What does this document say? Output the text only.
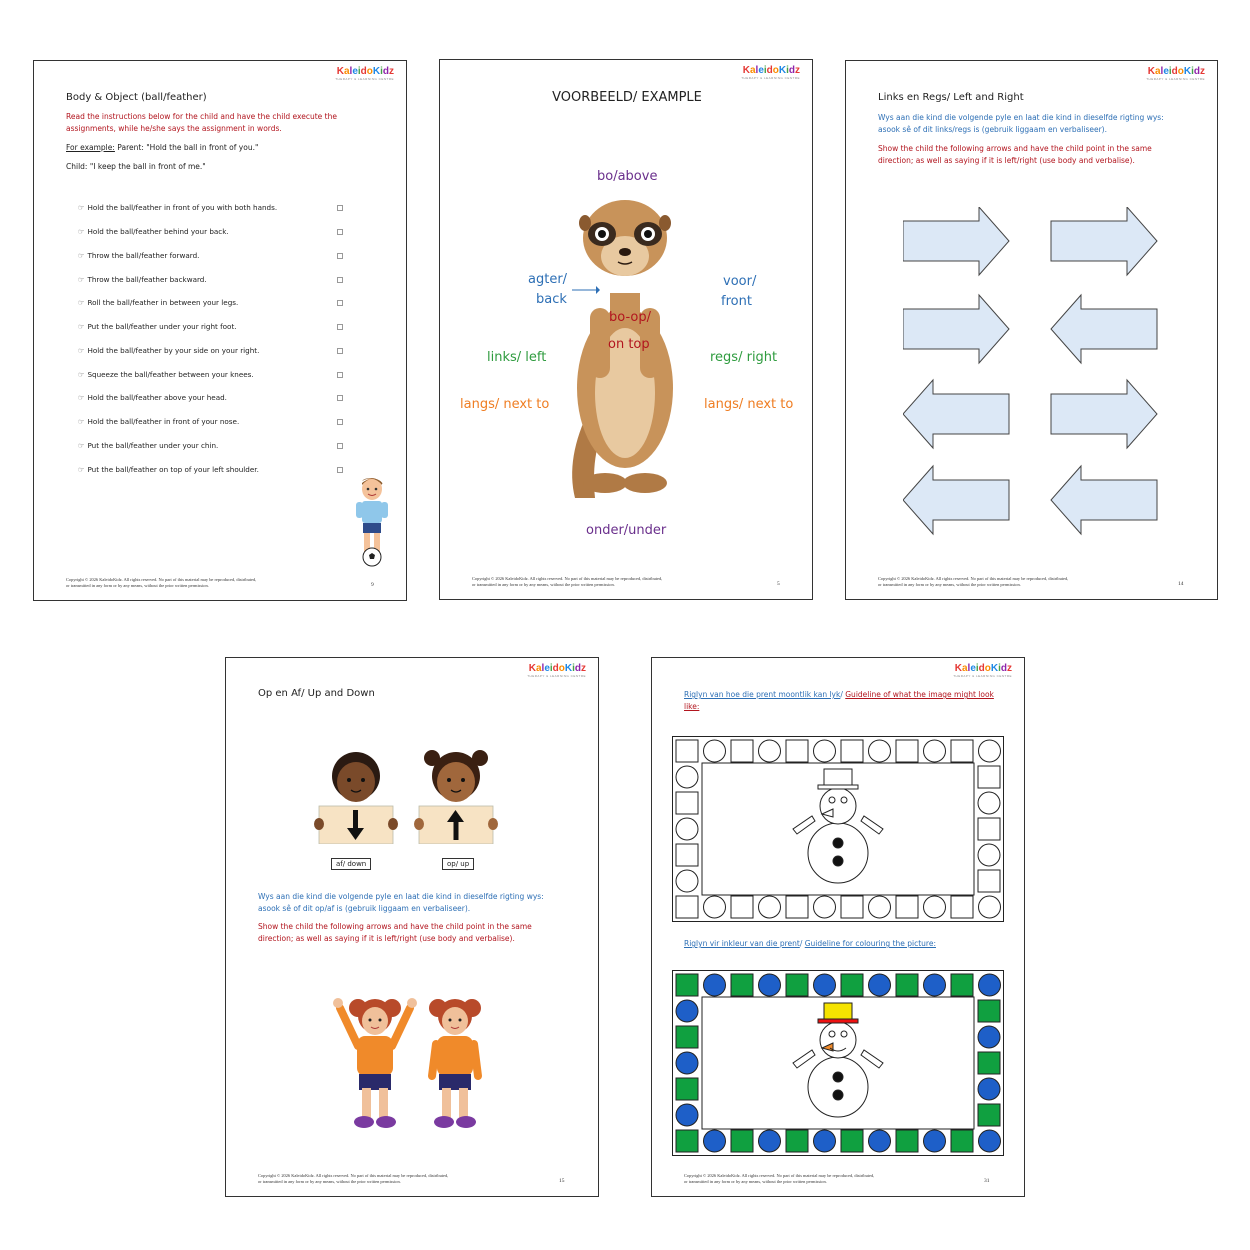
KaleidoKidz
THERAPY & LEARNING CENTRE
Body & Object (ball/feather)
Read the instructions below for the child and have the child execute the assignments, while he/she says the assignment in words.
For example: Parent: "Hold the ball in front of you."
Child: "I keep the ball in front of me."
☞ Hold the ball/feather in front of you with both hands.
☞ Hold the ball/feather behind your back.
☞ Throw the ball/feather forward.
☞ Throw the ball/feather backward.
☞ Roll the ball/feather in between your legs.
☞ Put the ball/feather under your right foot.
☞ Hold the ball/feather by your side on your right.
☞ Squeeze the ball/feather between your knees.
☞ Hold the ball/feather above your head.
☞ Hold the ball/feather in front of your nose.
☞ Put the ball/feather under your chin.
☞ Put the ball/feather on top of your left shoulder.
Copyright © 2026 KaleidoKidz. All rights reserved. No part of this material may be reproduced, distributed,
or transmitted in any form or by any means, without the prior written permission.	9
KaleidoKidz
THERAPY & LEARNING CENTRE
VOORBEELD/ EXAMPLE
bo/above
agter/
back
voor/
front
bo-op/
on top
links/ left	regs/ right
langs/ next to	langs/ next to
onder/under
Copyright © 2026 KaleidoKidz. All rights reserved. No part of this material may be reproduced, distributed,
or transmitted in any form or by any means, without the prior written permission.	5
KaleidoKidz
THERAPY & LEARNING CENTRE
Links en Regs/ Left and Right
Wys aan die kind die volgende pyle en laat die kind in dieselfde rigting wys: asook sê of dit links/regs is (gebruik liggaam en verbaliseer).
Show the child the following arrows and have the child point in the same direction; as well as saying if it is left/right (use body and verbalise).
Copyright © 2026 KaleidoKidz. All rights reserved. No part of this material may be reproduced, distributed,
or transmitted in any form or by any means, without the prior written permission.	14
KaleidoKidz
THERAPY & LEARNING CENTRE
Op en Af/ Up and Down
af/ down	op/ up
Wys aan die kind die volgende pyle en laat die kind in dieselfde rigting wys: asook sê of dit op/af is (gebruik liggaam en verbaliseer).
Show the child the following arrows and have the child point in the same direction; as well as saying if it is left/right (use body and verbalise).
Copyright © 2026 KaleidoKidz. All rights reserved. No part of this material may be reproduced, distributed,
or transmitted in any form or by any means, without the prior written permission.	15
KaleidoKidz
THERAPY & LEARNING CENTRE
Riglyn van hoe die prent moontlik kan lyk/ Guideline of what the image might look like:
Riglyn vir inkleur van die prent/ Guideline for colouring the picture:
Copyright © 2026 KaleidoKidz. All rights reserved. No part of this material may be reproduced, distributed,
or transmitted in any form or by any means, without the prior written permission.	31
